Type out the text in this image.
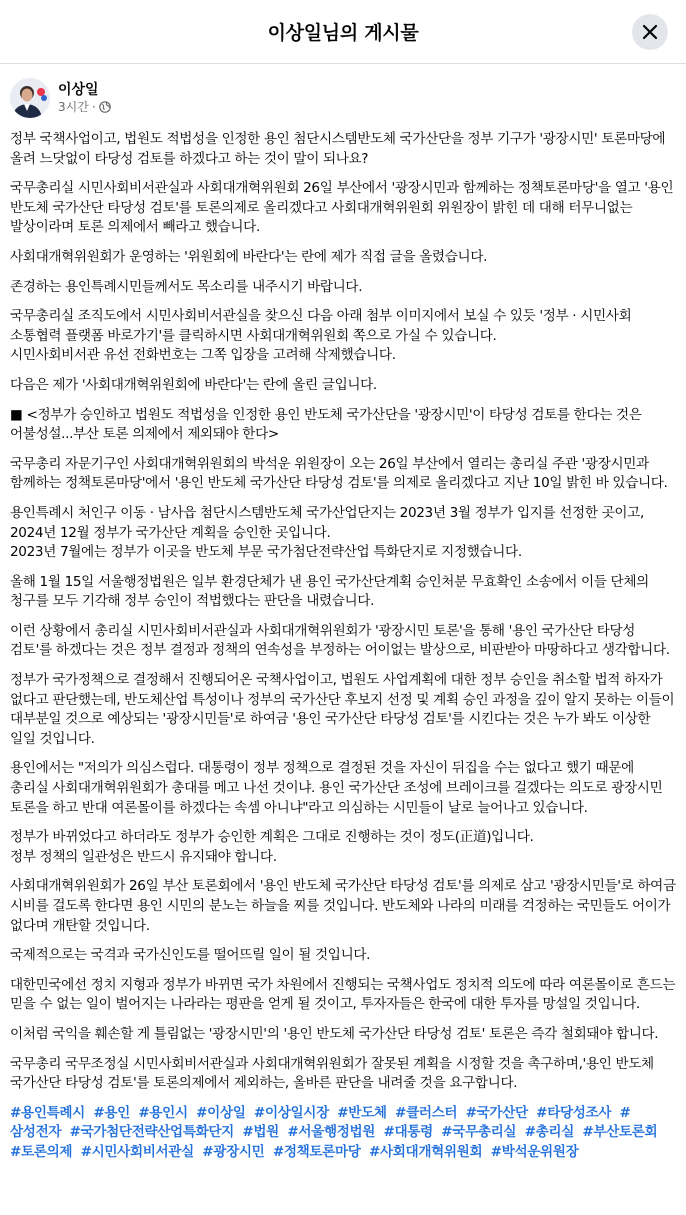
이상일님의 게시물
이상일
3시간 ·

정부 국책사업이고, 법원도 적법성을 인정한 용인 첨단시스템반도체 국가산단을 정부 기구가 '광장시민' 토론마당에 올려 느닷없이 타당성 검토를 하겠다고 하는 것이 말이 되나요?

국무총리실 시민사회비서관실과 사회대개혁위원회 26일 부산에서 '광장시민과 함께하는 정책토론마당'을 열고 '용인 반도체 국가산단 타당성 검토'를 토론의제로 올리겠다고 사회대개혁위원회 위원장이 밝힌 데 대해 터무니없는 발상이라며 토론 의제에서 빼라고 했습니다.

사회대개혁위원회가 운영하는 '위원회에 바란다'는 란에 제가 직접 글을 올렸습니다.

존경하는 용인특례시민들께서도 목소리를 내주시기 바랍니다.

국무총리실 조직도에서 시민사회비서관실을 찾으신 다음 아래 첨부 이미지에서 보실 수 있듯 '정부 · 시민사회 소통협력 플랫폼 바로가기'를 클릭하시면 사회대개혁위원회 쪽으로 가실 수 있습니다.
시민사회비서관 유선 전화번호는 그쪽 입장을 고려해 삭제했습니다.

다음은 제가 '사회대개혁위원회에 바란다'는 란에 올린 글입니다.

■ <정부가 승인하고 법원도 적법성을 인정한 용인 반도체 국가산단을 '광장시민'이 타당성 검토를 한다는 것은 어불성설...부산 토론 의제에서 제외돼야 한다>

국무총리 자문기구인 사회대개혁위원회의 박석운 위원장이 오는 26일 부산에서 열리는 총리실 주관 '광장시민과 함께하는 정책토론마당'에서 '용인 반도체 국가산단 타당성 검토'를 의제로 올리겠다고 지난 10일 밝힌 바 있습니다.

용인특례시 처인구 이동 · 남사읍 첨단시스템반도체 국가산업단지는 2023년 3월 정부가 입지를 선정한 곳이고, 2024년 12월 정부가 국가산단 계획을 승인한 곳입니다.
2023년 7월에는 정부가 이곳을 반도체 부문 국가첨단전략산업 특화단지로 지정했습니다.

올해 1월 15일 서울행정법원은 일부 환경단체가 낸 용인 국가산단계획 승인처분 무효확인 소송에서 이들 단체의 청구를 모두 기각해 정부 승인이 적법했다는 판단을 내렸습니다.

이런 상황에서 총리실 시민사회비서관실과 사회대개혁위원회가 '광장시민 토론'을 통해 '용인 국가산단 타당성 검토'를 하겠다는 것은 정부 결정과 정책의 연속성을 부정하는 어이없는 발상으로, 비판받아 마땅하다고 생각합니다.

정부가 국가정책으로 결정해서 진행되어온 국책사업이고, 법원도 사업계획에 대한 정부 승인을 취소할 법적 하자가 없다고 판단했는데, 반도체산업 특성이나 정부의 국가산단 후보지 선정 및 계획 승인 과정을 깊이 알지 못하는 이들이 대부분일 것으로 예상되는 '광장시민들'로 하여금 '용인 국가산단 타당성 검토'를 시킨다는 것은 누가 봐도 이상한 일일 것입니다.

용인에서는 "저의가 의심스럽다. 대통령이 정부 정책으로 결정된 것을 자신이 뒤집을 수는 없다고 했기 때문에 총리실 사회대개혁위원회가 총대를 메고 나선 것이냐. 용인 국가산단 조성에 브레이크를 걸겠다는 의도로 광장시민 토론을 하고 반대 여론몰이를 하겠다는 속셈 아니냐"라고 의심하는 시민들이 날로 늘어나고 있습니다.

정부가 바뀌었다고 하더라도 정부가 승인한 계획은 그대로 진행하는 것이 정도(正道)입니다.
정부 정책의 일관성은 반드시 유지돼야 합니다.

사회대개혁위원회가 26일 부산 토론회에서 '용인 반도체 국가산단 타당성 검토'를 의제로 삼고 '광장시민들'로 하여금 시비를 걸도록 한다면 용인 시민의 분노는 하늘을 찌를 것입니다. 반도체와 나라의 미래를 걱정하는 국민들도 어이가 없다며 개탄할 것입니다.

국제적으로는 국격과 국가신인도를 떨어뜨릴 일이 될 것입니다.

대한민국에선 정치 지형과 정부가 바뀌면 국가 차원에서 진행되는 국책사업도 정치적 의도에 따라 여론몰이로 흔드는 믿을 수 없는 일이 벌어지는 나라라는 평판을 얻게 될 것이고, 투자자들은 한국에 대한 투자를 망설일 것입니다.

이처럼 국익을 훼손할 게 틀림없는 '광장시민'의 '용인 반도체 국가산단 타당성 검토' 토론은 즉각 철회돼야 합니다.

국무총리 국무조정실 시민사회비서관실과 사회대개혁위원회가 잘못된 계획을 시정할 것을 촉구하며,'용인 반도체 국가산단 타당성 검토'를 토론의제에서 제외하는, 올바른 판단을 내려줄 것을 요구합니다.

#용인특례시 #용인 #용인시 #이상일 #이상일시장 #반도체 #클러스터 #국가산단 #타당성조사 #삼성전자 #국가첨단전략산업특화단지 #법원 #서울행정법원 #대통령 #국무총리실 #총리실 #부산토론회 #토론의제 #시민사회비서관실 #광장시민 #정책토론마당 #사회대개혁위원회 #박석운위원장
